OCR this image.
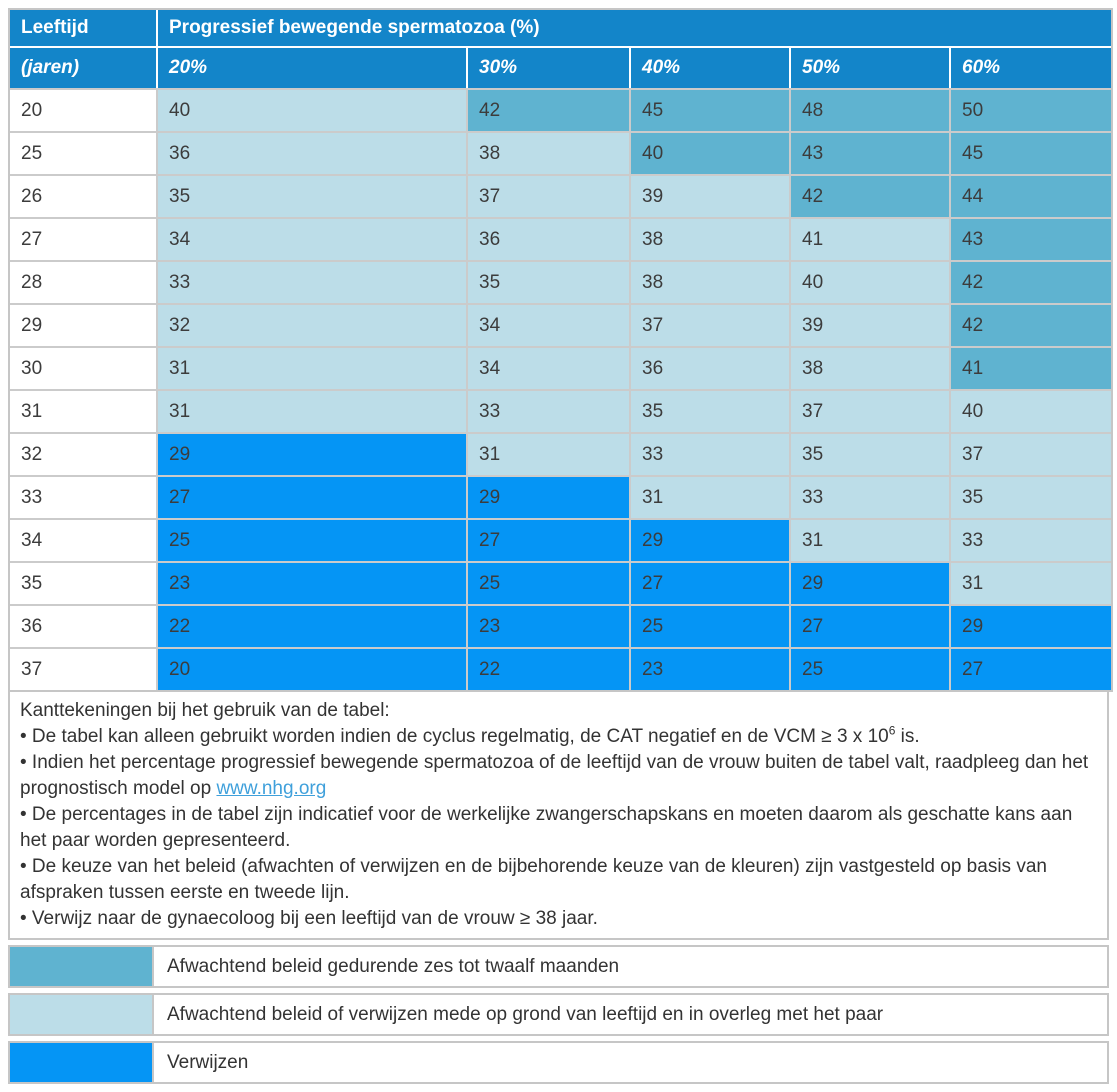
Leeftijd	Progressief bewegende spermatozoa (%)				
(jaren)	20%	30%	40%	50%	60%
20	40	42	45	48	50
25	36	38	40	43	45
26	35	37	39	42	44
27	34	36	38	41	43
28	33	35	38	40	42
29	32	34	37	39	42
30	31	34	36	38	41
31	31	33	35	37	40
32	29	31	33	35	37
33	27	29	31	33	35
34	25	27	29	31	33
35	23	25	27	29	31
36	22	23	25	27	29
37	20	22	23	25	27
Kanttekeningen bij het gebruik van de tabel:
• De tabel kan alleen gebruikt worden indien de cyclus regelmatig, de CAT negatief en de VCM ≥ 3 x $10^6$ is.
• Indien het percentage progressief bewegende spermatozoa of de leeftijd van de vrouw buiten de tabel valt, raadpleeg dan het prognostisch model op www.nhg.org
• De percentages in de tabel zijn indicatief voor de werkelijke zwangerschapskans en moeten daarom als geschatte kans aan het paar worden gepresenteerd.
• De keuze van het beleid (afwachten of verwijzen en de bijbehorende keuze van de kleuren) zijn vastgesteld op basis van afspraken tussen eerste en tweede lijn.
• Verwijz naar de gynaecoloog bij een leeftijd van de vrouw ≥ 38 jaar.
Afwachtend beleid gedurende zes tot twaalf maanden
Afwachtend beleid of verwijzen mede op grond van leeftijd en in overleg met het paar
Verwijzen
